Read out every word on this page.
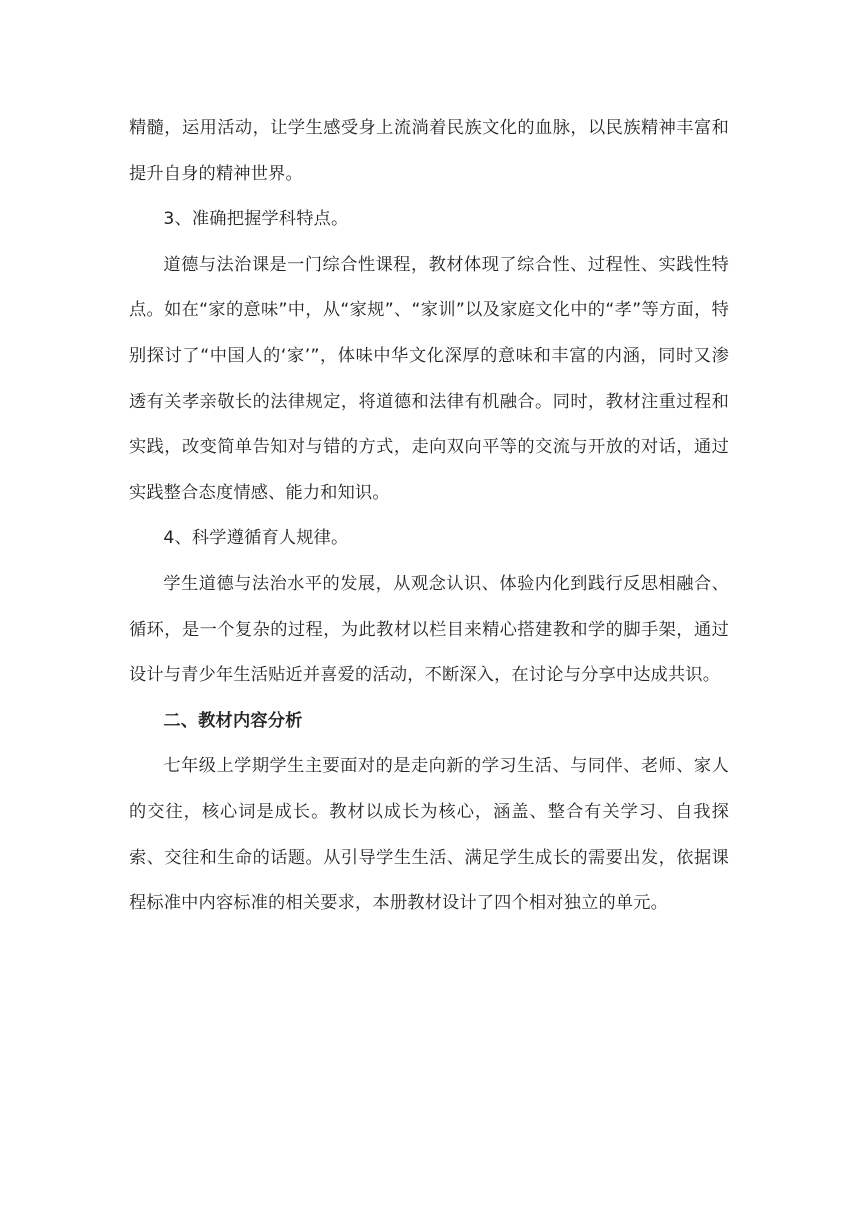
精髓，运用活动，让学生感受身上流淌着民族文化的血脉，以民族精神丰富和提升自身的精神世界。

3、准确把握学科特点。

道德与法治课是一门综合性课程，教材体现了综合性、过程性、实践性特点。如在“家的意味”中，从“家规”、“家训”以及家庭文化中的“孝”等方面，特别探讨了“中国人的‘家’”，体味中华文化深厚的意味和丰富的内涵，同时又渗透有关孝亲敬长的法律规定，将道德和法律有机融合。同时，教材注重过程和实践，改变简单告知对与错的方式，走向双向平等的交流与开放的对话，通过实践整合态度情感、能力和知识。

4、科学遵循育人规律。

学生道德与法治水平的发展，从观念认识、体验内化到践行反思相融合、循环，是一个复杂的过程，为此教材以栏目来精心搭建教和学的脚手架，通过设计与青少年生活贴近并喜爱的活动，不断深入，在讨论与分享中达成共识。

二、教材内容分析

七年级上学期学生主要面对的是走向新的学习生活、与同伴、老师、家人的交往，核心词是成长。教材以成长为核心，涵盖、整合有关学习、自我探索、交往和生命的话题。从引导学生生活、满足学生成长的需要出发，依据课程标准中内容标准的相关要求，本册教材设计了四个相对独立的单元。
